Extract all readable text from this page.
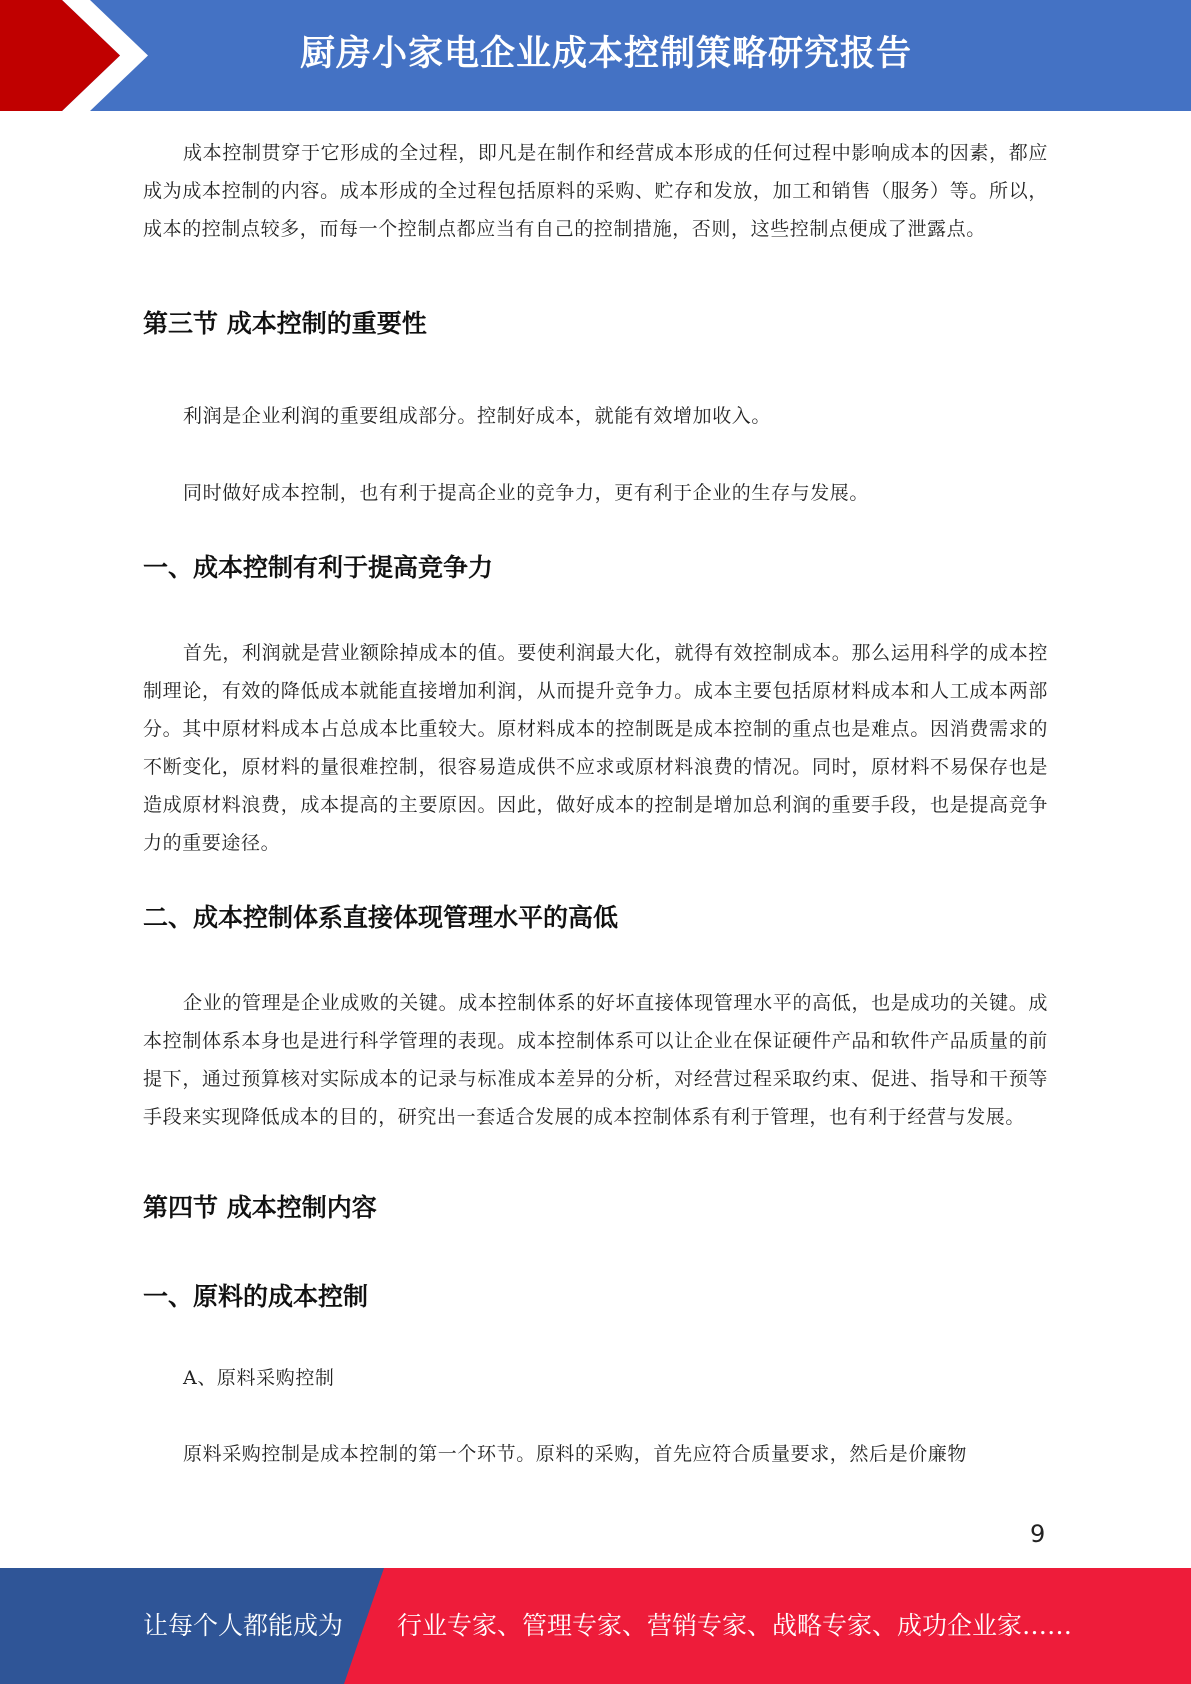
厨房小家电企业成本控制策略研究报告

成本控制贯穿于它形成的全过程，即凡是在制作和经营成本形成的任何过程中影响成本的因素，都应成为成本控制的内容。成本形成的全过程包括原料的采购、贮存和发放，加工和销售（服务）等。所以，成本的控制点较多，而每一个控制点都应当有自己的控制措施，否则，这些控制点便成了泄露点。

第三节 成本控制的重要性

利润是企业利润的重要组成部分。控制好成本，就能有效增加收入。

同时做好成本控制，也有利于提高企业的竞争力，更有利于企业的生存与发展。

一、成本控制有利于提高竞争力

首先，利润就是营业额除掉成本的值。要使利润最大化，就得有效控制成本。那么运用科学的成本控制理论，有效的降低成本就能直接增加利润，从而提升竞争力。成本主要包括原材料成本和人工成本两部分。其中原材料成本占总成本比重较大。原材料成本的控制既是成本控制的重点也是难点。因消费需求的不断变化，原材料的量很难控制，很容易造成供不应求或原材料浪费的情况。同时，原材料不易保存也是造成原材料浪费，成本提高的主要原因。因此，做好成本的控制是增加总利润的重要手段，也是提高竞争力的重要途径。

二、成本控制体系直接体现管理水平的高低

企业的管理是企业成败的关键。成本控制体系的好坏直接体现管理水平的高低，也是成功的关键。成本控制体系本身也是进行科学管理的表现。成本控制体系可以让企业在保证硬件产品和软件产品质量的前提下，通过预算核对实际成本的记录与标准成本差异的分析，对经营过程采取约束、促进、指导和干预等手段来实现降低成本的目的，研究出一套适合发展的成本控制体系有利于管理，也有利于经营与发展。

第四节 成本控制内容
一、原料的成本控制

A、原料采购控制

原料采购控制是成本控制的第一个环节。原料的采购，首先应符合质量要求，然后是价廉物

9
让每个人都能成为 行业专家、管理专家、营销专家、战略专家、成功企业家……
